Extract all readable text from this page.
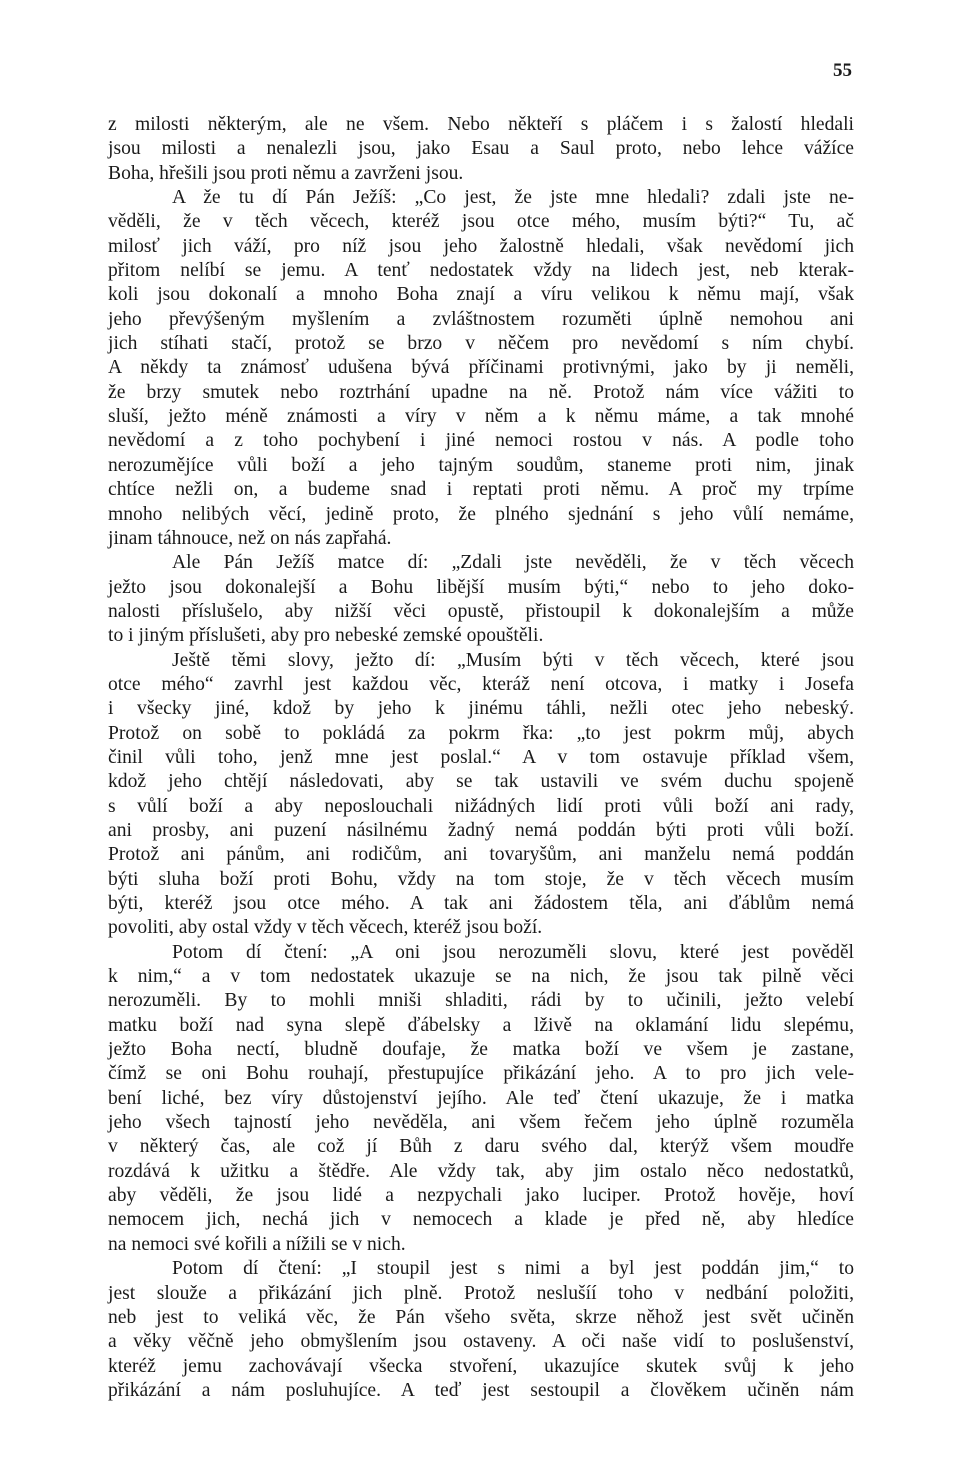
55
z milosti některým, ale ne všem. Nebo někteří s pláčem i s žalostí hledali
jsou milosti a nenalezli jsou, jako Esau a Saul proto, nebo lehce vážíce
Boha, hřešili jsou proti němu a zavrženi jsou.
A že tu dí Pán Ježíš: „Co jest, že jste mne hledali? zdali jste ne-
věděli, že v těch věcech, kteréž jsou otce mého, musím býti?“ Tu, ač
milosť jich váží, pro níž jsou jeho žalostně hledali, však nevědomí jich
přitom nelíbí se jemu. A tenť nedostatek vždy na lidech jest, neb kterak-
koli jsou dokonalí a mnoho Boha znají a víru velikou k němu mají, však
jeho převýšeným myšlením a zvláštnostem rozuměti úplně nemohou ani
jich stíhati stačí, protož se brzo v něčem pro nevědomí s ním chybí.
A někdy ta známosť udušena bývá příčinami protivnými, jako by ji neměli,
že brzy smutek nebo roztrhání upadne na ně. Protož nám více vážiti to
sluší, ježto méně známosti a víry v něm a k němu máme, a tak mnohé
nevědomí a z toho pochybení i jiné nemoci rostou v nás. A podle toho
nerozumějíce vůli boží a jeho tajným soudům, staneme proti nim, jinak
chtíce nežli on, a budeme snad i reptati proti němu. A proč my trpíme
mnoho nelibých věcí, jedině proto, že plného sjednání s jeho vůlí nemáme,
jinam táhnouce, než on nás zapřahá.
Ale Pán Ježíš matce dí: „Zdali jste nevěděli, že v těch věcech
ježto jsou dokonalejší a Bohu libější musím býti,“ nebo to jeho doko-
nalosti příslušelo, aby nižší věci opustě, přistoupil k dokonalejším a může
to i jiným příslušeti, aby pro nebeské zemské opouštěli.
Ještě těmi slovy, ježto dí: „Musím býti v těch věcech, které jsou
otce mého“ zavrhl jest každou věc, kteráž není otcova, i matky i Josefa
i všecky jiné, kdož by jeho k jinému táhli, nežli otec jeho nebeský.
Protož on sobě to pokládá za pokrm řka: „to jest pokrm můj, abych
činil vůli toho, jenž mne jest poslal.“ A v tom ostavuje příklad všem,
kdož jeho chtějí následovati, aby se tak ustavili ve svém duchu spojeně
s vůlí boží a aby neposlouchali nižádných lidí proti vůli boží ani rady,
ani prosby, ani puzení násilnému žadný nemá poddán býti proti vůli boží.
Protož ani pánům, ani rodičům, ani tovaryšům, ani manželu nemá poddán
býti sluha boží proti Bohu, vždy na tom stoje, že v těch věcech musím
býti, kteréž jsou otce mého. A tak ani žádostem těla, ani ďáblům nemá
povoliti, aby ostal vždy v těch věcech, kteréž jsou boží.
Potom dí čtení: „A oni jsou nerozuměli slovu, které jest pověděl
k nim,“ a v tom nedostatek ukazuje se na nich, že jsou tak pilně věci
nerozuměli. By to mohli mniši shladiti, rádi by to učinili, ježto velebí
matku boží nad syna slepě ďábelsky a lživě na oklamání lidu slepému,
ježto Boha nectí, bludně doufaje, že matka boží ve všem je zastane,
čímž se oni Bohu rouhají, přestupujíce přikázání jeho. A to pro jich vele-
bení liché, bez víry důstojenství jejího. Ale teď čtení ukazuje, že i matka
jeho všech tajností jeho nevěděla, ani všem řečem jeho úplně rozuměla
v některý čas, ale což jí Bůh z daru svého dal, kterýž všem moudře
rozdává k užitku a štědře. Ale vždy tak, aby jim ostalo něco nedostatků,
aby věděli, že jsou lidé a nezpychali jako luciper. Protož hověje, hoví
nemocem jich, nechá jich v nemocech a klade je před ně, aby hledíce
na nemoci své kořili a nížili se v nich.
Potom dí čtení: „I stoupil jest s nimi a byl jest poddán jim,“ to
jest slouže a přikázání jich plně. Protož neslušíí toho v nedbání položiti,
neb jest to veliká věc, že Pán všeho světa, skrze něhož jest svět učiněn
a věky věčně jeho obmyšlením jsou ostaveny. A oči naše vidí to poslušenství,
kteréž jemu zachovávají všecka stvoření, ukazujíce skutek svůj k jeho
přikázání a nám posluhujíce. A teď jest sestoupil a člověkem učiněn nám
